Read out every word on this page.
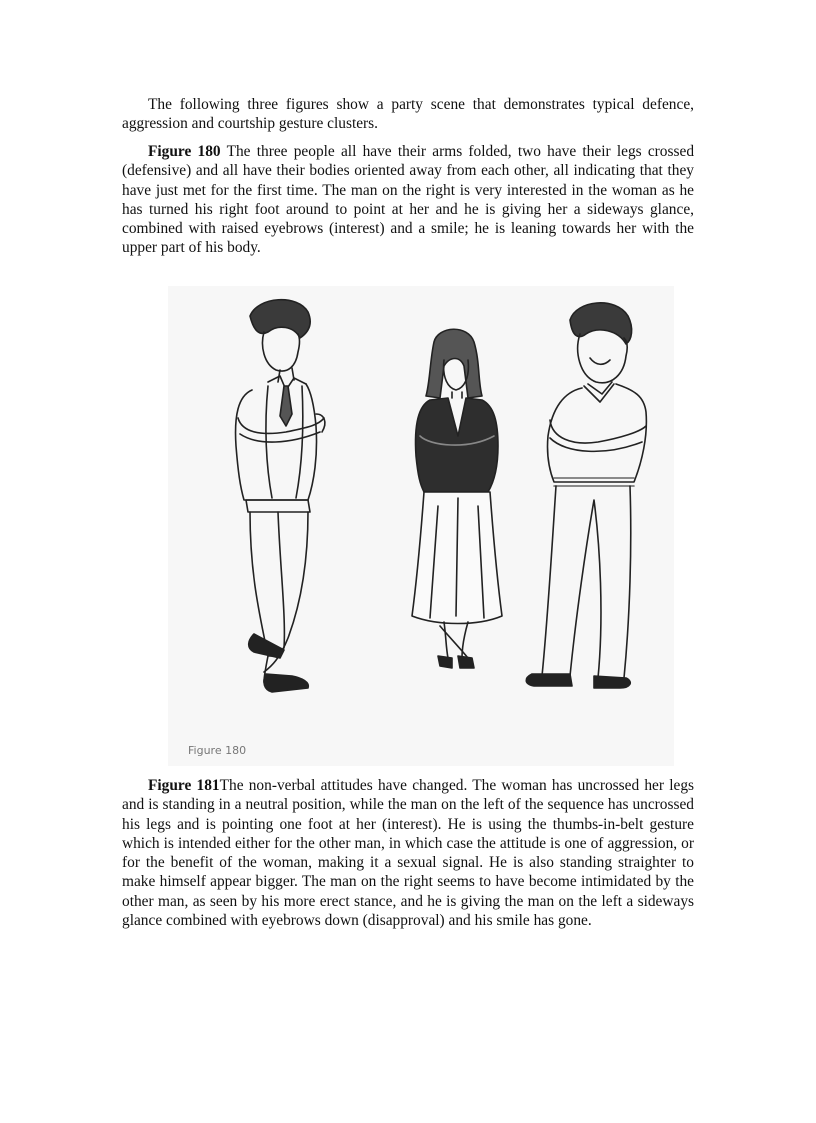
The following three figures show a party scene that demonstrates typical defence, aggression and courtship gesture clusters.

Figure 180 The three people all have their arms folded, two have their legs crossed (defensive) and all have their bodies oriented away from each other, all indicating that they have just met for the first time. The man on the right is very interested in the woman as he has turned his right foot around to point at her and he is giving her a sideways glance, combined with raised eyebrows (interest) and a smile; he is leaning towards her with the upper part of his body.

Figure 180

Figure 181The non-verbal attitudes have changed. The woman has uncrossed her legs and is standing in a neutral position, while the man on the left of the sequence has uncrossed his legs and is pointing one foot at her (interest). He is using the thumbs-in-belt gesture which is intended either for the other man, in which case the attitude is one of aggression, or for the benefit of the woman, making it a sexual signal. He is also standing straighter to make himself appear bigger. The man on the right seems to have become intimidated by the other man, as seen by his more erect stance, and he is giving the man on the left a sideways glance combined with eyebrows down (disapproval) and his smile has gone.
